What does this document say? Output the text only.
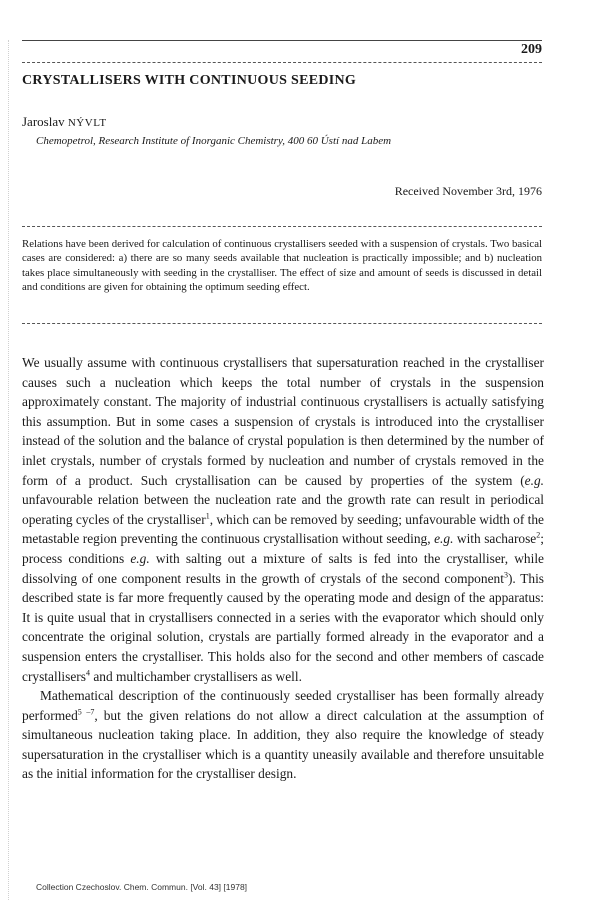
209
CRYSTALLISERS WITH CONTINUOUS SEEDING
Jaroslav NÝVLT
Chemopetrol, Research Institute of Inorganic Chemistry, 400 60 Ústí nad Labem
Received November 3rd, 1976
Relations have been derived for calculation of continuous crystallisers seeded with a suspension of crystals. Two basical cases are considered: a) there are so many seeds available that nucleation is practically impossible; and b) nucleation takes place simultaneously with seeding in the crystalliser. The effect of size and amount of seeds is discussed in detail and conditions are given for obtaining the optimum seeding effect.

We usually assume with continuous crystallisers that supersaturation reached in the crystalliser causes such a nucleation which keeps the total number of crystals in the suspension approximately constant. The majority of industrial continuous crystallisers is actually satisfying this assumption. But in some cases a suspension of crystals is introduced into the crystalliser instead of the solution and the balance of crystal population is then determined by the number of inlet crystals, number of crystals formed by nucleation and number of crystals removed in the form of a product. Such crystallisation can be caused by properties of the system (e.g. unfavourable relation between the nucleation rate and the growth rate can result in periodical operating cycles of the crystalliser$^1$, which can be removed by seeding; unfavourable width of the metastable region preventing the continuous crystallisation without seeding, e.g. with sacharose$^2$; process conditions e.g. with salting out a mixture of salts is fed into the crystalliser, while dissolving of one component results in the growth of crystals of the second component$^3$). This described state is far more frequently caused by the operating mode and design of the apparatus: It is quite usual that in crystallisers connected in a series with the evaporator which should only concentrate the original solution, crystals are partially formed already in the evaporator and a suspension enters the crystalliser. This holds also for the second and other members of cascade crystallisers$^4$ and multichamber crystallisers as well.

Mathematical description of the continuously seeded crystalliser has been formally already performed$^{5 -7}$, but the given relations do not allow a direct calculation at the assumption of simultaneous nucleation taking place. In addition, they also require the knowledge of steady supersaturation in the crystalliser which is a quantity uneasily available and therefore unsuitable as the initial information for the crystalliser design.

Collection Czechoslov. Chem. Commun. [Vol. 43] [1978]
